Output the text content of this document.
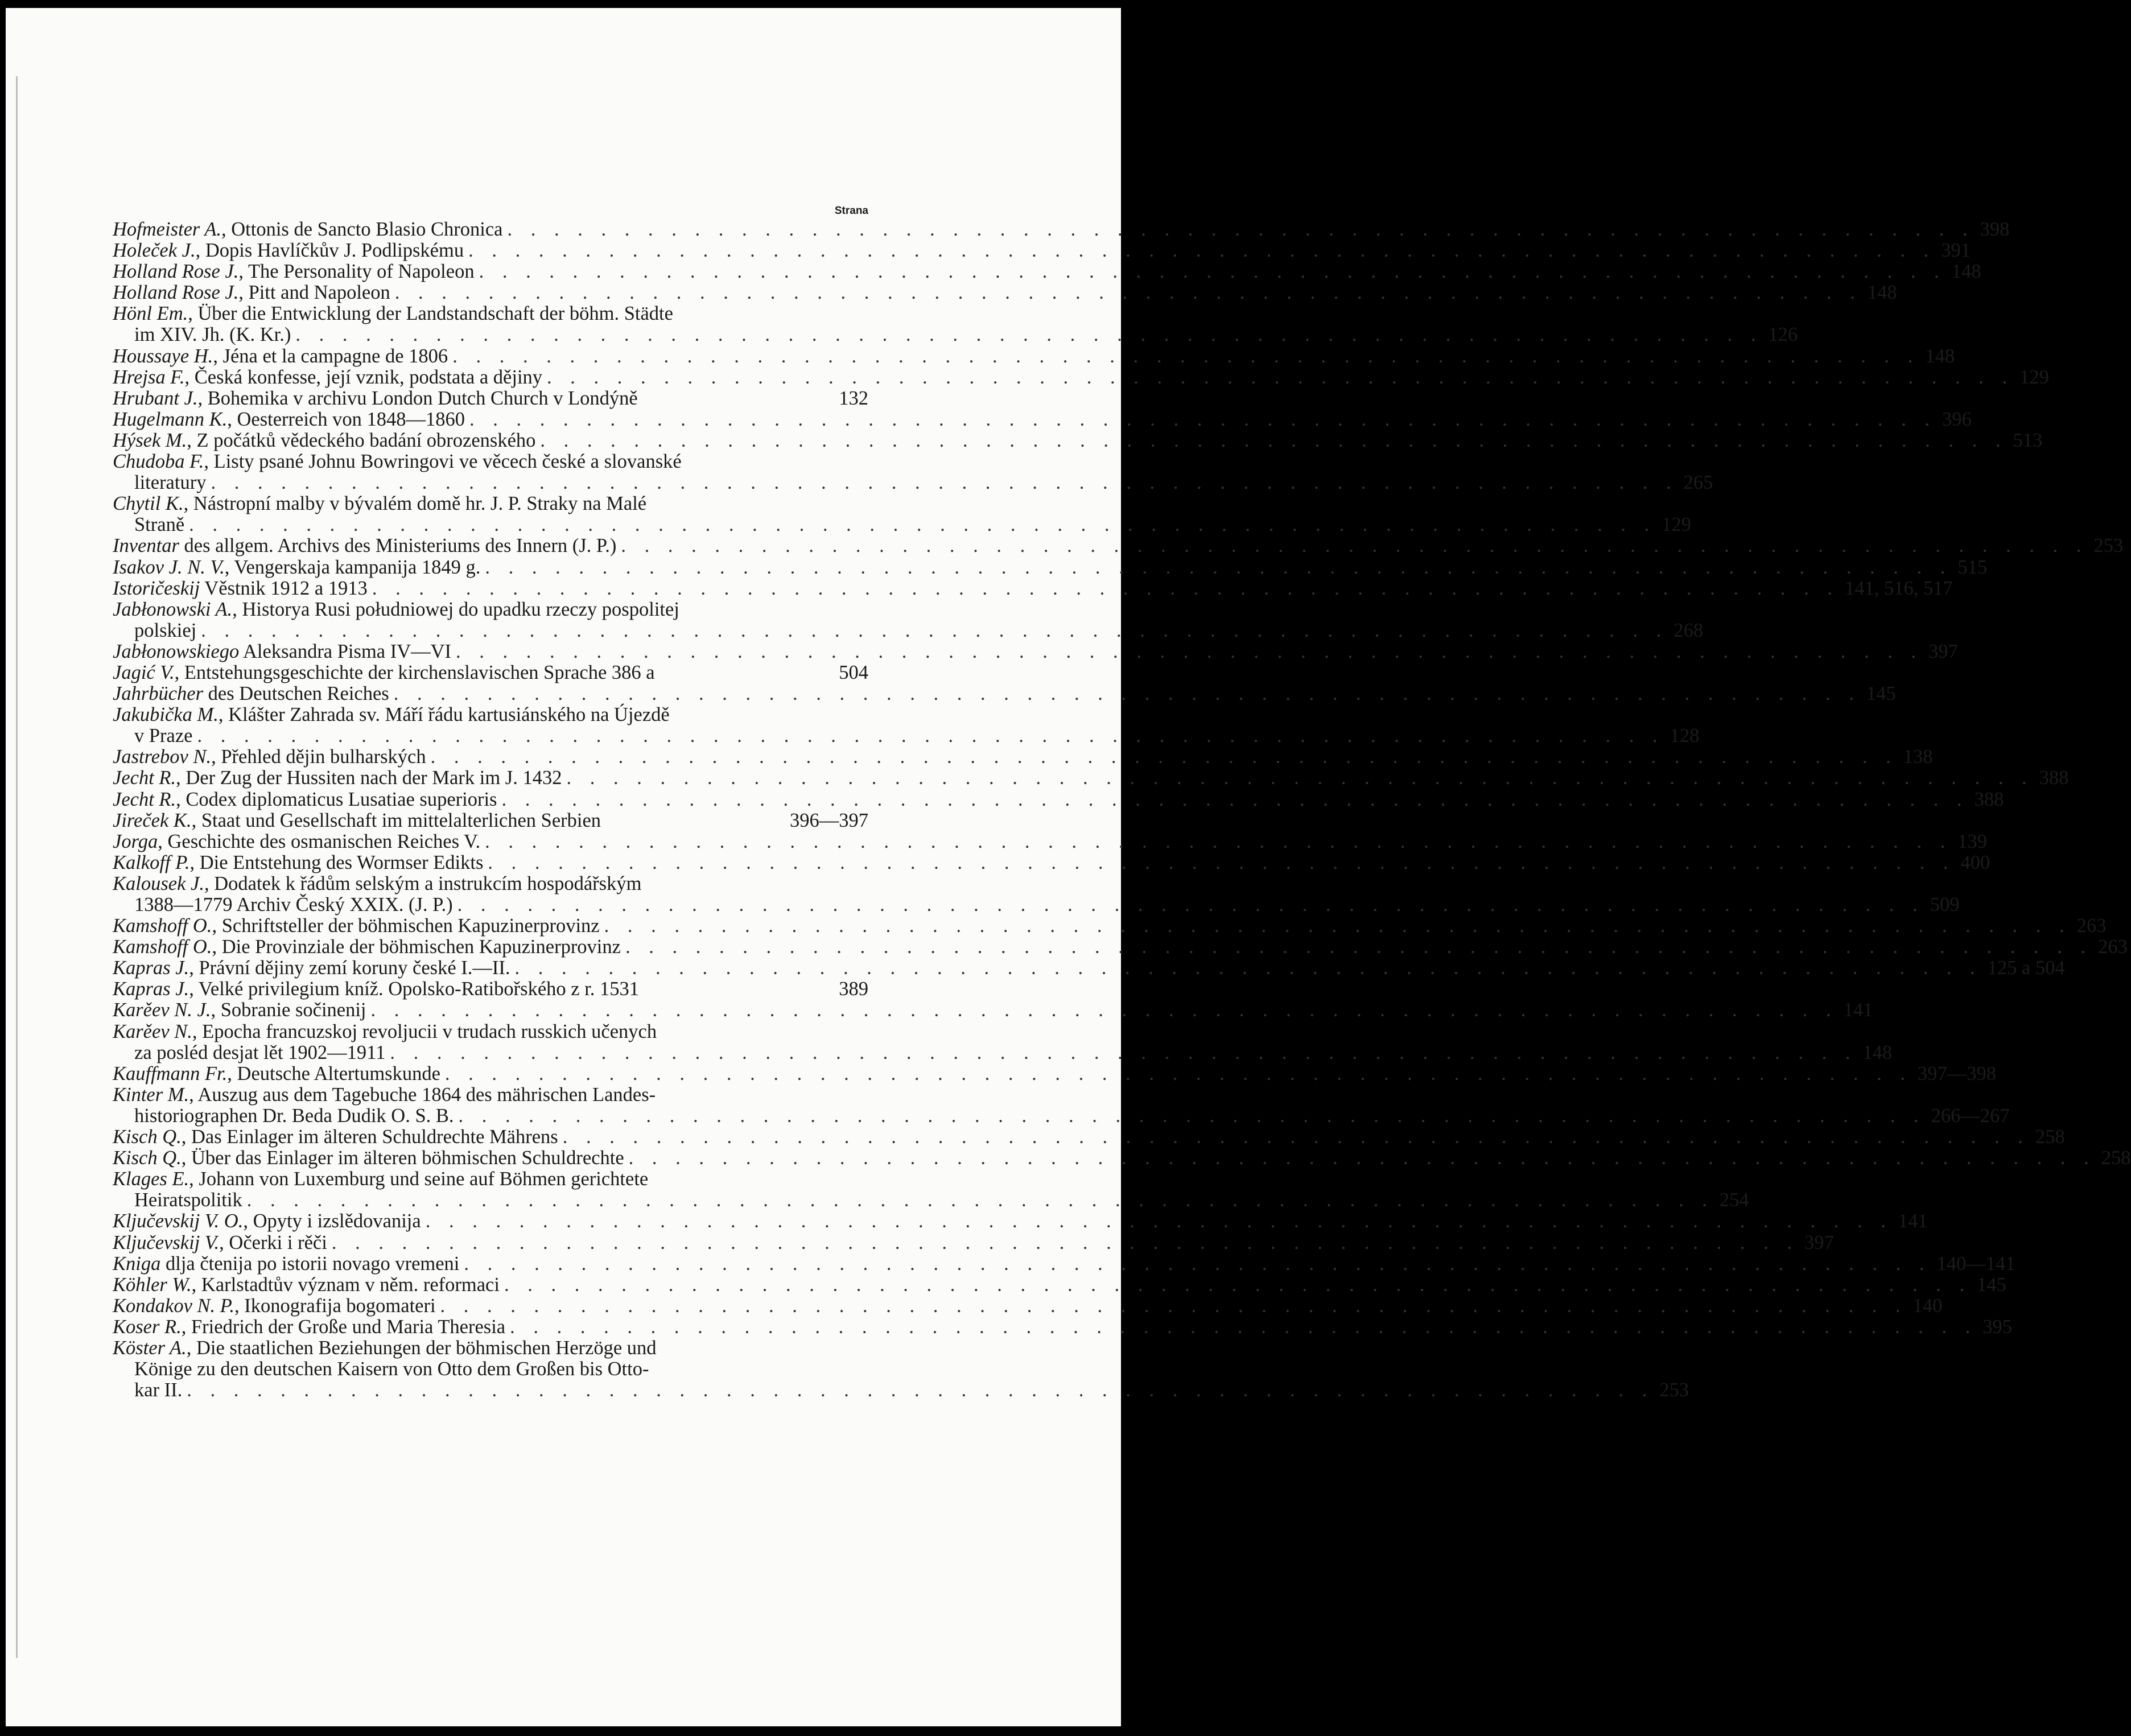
Strana
Hofmeister A. , Ottonis de Sancto Blasio Chronica . . . . . . . . . . . . . . . . . . . . . . . . . . . . . . . . . . . . . . . . . . . . . . . . . . . . . . . . . . . . . . . 398
Holeček J. , Dopis Havlíčkův J. Podlipskému . . . . . . . . . . . . . . . . . . . . . . . . . . . . . . . . . . . . . . . . . . . . . . . . . . . . . . . . . . . . . . . 391
Holland Rose J. , The Personality of Napoleon . . . . . . . . . . . . . . . . . . . . . . . . . . . . . . . . . . . . . . . . . . . . . . . . . . . . . . . . . . . . . . . 148
Holland Rose J. , Pitt and Napoleon . . . . . . . . . . . . . . . . . . . . . . . . . . . . . . . . . . . . . . . . . . . . . . . . . . . . . . . . . . . . . . . 148
Hönl Em. , Über die Entwicklung der Landstandschaft der böhm. Städte
im XIV. Jh. (K. Kr.) . . . . . . . . . . . . . . . . . . . . . . . . . . . . . . . . . . . . . . . . . . . . . . . . . . . . . . . . . . . . . . . 126
Houssaye H. , Jéna et la campagne de 1806 . . . . . . . . . . . . . . . . . . . . . . . . . . . . . . . . . . . . . . . . . . . . . . . . . . . . . . . . . . . . . . . 148
Hrejsa F. , Česká konfesse, její vznik, podstata a dějiny . . . . . . . . . . . . . . . . . . . . . . . . . . . . . . . . . . . . . . . . . . . . . . . . . . . . . . . . . . . . . . . 129
Hrubant J. , Bohemika v archivu London Dutch Church v Londýně	132
Hugelmann K. , Oesterreich von 1848—1860 . . . . . . . . . . . . . . . . . . . . . . . . . . . . . . . . . . . . . . . . . . . . . . . . . . . . . . . . . . . . . . . 396
Hýsek M. , Z počátků vědeckého badání obrozenského . . . . . . . . . . . . . . . . . . . . . . . . . . . . . . . . . . . . . . . . . . . . . . . . . . . . . . . . . . . . . . . 513
Chudoba F. , Listy psané Johnu Bowringovi ve věcech české a slovanské
literatury . . . . . . . . . . . . . . . . . . . . . . . . . . . . . . . . . . . . . . . . . . . . . . . . . . . . . . . . . . . . . . . 265
Chytil K. , Nástropní malby v bývalém domě hr. J. P. Straky na Malé
Straně . . . . . . . . . . . . . . . . . . . . . . . . . . . . . . . . . . . . . . . . . . . . . . . . . . . . . . . . . . . . . . . 129
Inventar des allgem. Archivs des Ministeriums des Innern (J. P.) . . . . . . . . . . . . . . . . . . . . . . . . . . . . . . . . . . . . . . . . . . . . . . . . . . . . . . . . . . . . . . . 253
Isakov J. N. V. , Vengerskaja kampanija 1849 g. . . . . . . . . . . . . . . . . . . . . . . . . . . . . . . . . . . . . . . . . . . . . . . . . . . . . . . . . . . . . . . . 515
Istoričeskij Věstnik 1912 a 1913 . . . . . . . . . . . . . . . . . . . . . . . . . . . . . . . . . . . . . . . . . . . . . . . . . . . . . . . . . . . . . . . 141, 516, 517
Jabłonowski A. , Historya Rusi południowej do upadku rzeczy pospolitej
polskiej . . . . . . . . . . . . . . . . . . . . . . . . . . . . . . . . . . . . . . . . . . . . . . . . . . . . . . . . . . . . . . . 268
Jabłonowskiego Aleksandra Pisma IV—VI . . . . . . . . . . . . . . . . . . . . . . . . . . . . . . . . . . . . . . . . . . . . . . . . . . . . . . . . . . . . . . . 397
Jagić V. , Entstehungsgeschichte der kirchenslavischen Sprache 386 a	504
Jahrbücher des Deutschen Reiches . . . . . . . . . . . . . . . . . . . . . . . . . . . . . . . . . . . . . . . . . . . . . . . . . . . . . . . . . . . . . . . 145
Jakubička M. , Klášter Zahrada sv. Máří řádu kartusiánského na Újezdě
v Praze . . . . . . . . . . . . . . . . . . . . . . . . . . . . . . . . . . . . . . . . . . . . . . . . . . . . . . . . . . . . . . . 128
Jastrebov N. , Přehled dějin bulharských . . . . . . . . . . . . . . . . . . . . . . . . . . . . . . . . . . . . . . . . . . . . . . . . . . . . . . . . . . . . . . . 138
Jecht R. , Der Zug der Hussiten nach der Mark im J. 1432 . . . . . . . . . . . . . . . . . . . . . . . . . . . . . . . . . . . . . . . . . . . . . . . . . . . . . . . . . . . . . . . 388
Jecht R. , Codex diplomaticus Lusatiae superioris . . . . . . . . . . . . . . . . . . . . . . . . . . . . . . . . . . . . . . . . . . . . . . . . . . . . . . . . . . . . . . . 388
Jireček K. , Staat und Gesellschaft im mittelalterlichen Serbien	396—397
Jorga , Geschichte des osmanischen Reiches V. . . . . . . . . . . . . . . . . . . . . . . . . . . . . . . . . . . . . . . . . . . . . . . . . . . . . . . . . . . . . . . . 139
Kalkoff P. , Die Entstehung des Wormser Edikts . . . . . . . . . . . . . . . . . . . . . . . . . . . . . . . . . . . . . . . . . . . . . . . . . . . . . . . . . . . . . . . 400
Kalousek J. , Dodatek k řádům selským a instrukcím hospodářským
1388—1779 Archiv Český XXIX. (J. P.) . . . . . . . . . . . . . . . . . . . . . . . . . . . . . . . . . . . . . . . . . . . . . . . . . . . . . . . . . . . . . . . 509
Kamshoff O. , Schriftsteller der böhmischen Kapuzinerprovinz . . . . . . . . . . . . . . . . . . . . . . . . . . . . . . . . . . . . . . . . . . . . . . . . . . . . . . . . . . . . . . . 263
Kamshoff O. , Die Provinziale der böhmischen Kapuzinerprovinz . . . . . . . . . . . . . . . . . . . . . . . . . . . . . . . . . . . . . . . . . . . . . . . . . . . . . . . . . . . . . . . 263
Kapras J. , Právní dějiny zemí koruny české I.—II. . . . . . . . . . . . . . . . . . . . . . . . . . . . . . . . . . . . . . . . . . . . . . . . . . . . . . . . . . . . . . . . 125 a 504
Kapras J. , Velké privilegium kníž. Opolsko-Ratibořského z r. 1531	389
Karěev N. J. , Sobranie sočinenij . . . . . . . . . . . . . . . . . . . . . . . . . . . . . . . . . . . . . . . . . . . . . . . . . . . . . . . . . . . . . . . 141
Karěev N. , Epocha francuzskoj revoljucii v trudach russkich učenych
za posléd desjat lět 1902—1911 . . . . . . . . . . . . . . . . . . . . . . . . . . . . . . . . . . . . . . . . . . . . . . . . . . . . . . . . . . . . . . . 148
Kauffmann Fr. , Deutsche Altertumskunde . . . . . . . . . . . . . . . . . . . . . . . . . . . . . . . . . . . . . . . . . . . . . . . . . . . . . . . . . . . . . . . 397—398
Kinter M. , Auszug aus dem Tagebuche 1864 des mährischen Landes-
historiographen Dr. Beda Dudik O. S. B. . . . . . . . . . . . . . . . . . . . . . . . . . . . . . . . . . . . . . . . . . . . . . . . . . . . . . . . . . . . . . . . 266—267
Kisch Q. , Das Einlager im älteren Schuldrechte Mährens . . . . . . . . . . . . . . . . . . . . . . . . . . . . . . . . . . . . . . . . . . . . . . . . . . . . . . . . . . . . . . . 258
Kisch Q. , Über das Einlager im älteren böhmischen Schuldrechte . . . . . . . . . . . . . . . . . . . . . . . . . . . . . . . . . . . . . . . . . . . . . . . . . . . . . . . . . . . . . . . 258
Klages E. , Johann von Luxemburg und seine auf Böhmen gerichtete
Heiratspolitik . . . . . . . . . . . . . . . . . . . . . . . . . . . . . . . . . . . . . . . . . . . . . . . . . . . . . . . . . . . . . . . 254
Ključevskij V. O. , Opyty i izslědovanija . . . . . . . . . . . . . . . . . . . . . . . . . . . . . . . . . . . . . . . . . . . . . . . . . . . . . . . . . . . . . . . 141
Ključevskij V. , Očerki i rěči . . . . . . . . . . . . . . . . . . . . . . . . . . . . . . . . . . . . . . . . . . . . . . . . . . . . . . . . . . . . . . . 397
Kniga dlja čtenija po istorii novago vremeni . . . . . . . . . . . . . . . . . . . . . . . . . . . . . . . . . . . . . . . . . . . . . . . . . . . . . . . . . . . . . . . 140—141
Köhler W. , Karlstadtův význam v něm. reformaci . . . . . . . . . . . . . . . . . . . . . . . . . . . . . . . . . . . . . . . . . . . . . . . . . . . . . . . . . . . . . . . 145
Kondakov N. P. , Ikonografija bogomateri . . . . . . . . . . . . . . . . . . . . . . . . . . . . . . . . . . . . . . . . . . . . . . . . . . . . . . . . . . . . . . . 140
Koser R. , Friedrich der Große und Maria Theresia . . . . . . . . . . . . . . . . . . . . . . . . . . . . . . . . . . . . . . . . . . . . . . . . . . . . . . . . . . . . . . . 395
Köster A. , Die staatlichen Beziehungen der böhmischen Herzöge und
Könige zu den deutschen Kaisern von Otto dem Großen bis Otto-
kar II. . . . . . . . . . . . . . . . . . . . . . . . . . . . . . . . . . . . . . . . . . . . . . . . . . . . . . . . . . . . . . . . 253
